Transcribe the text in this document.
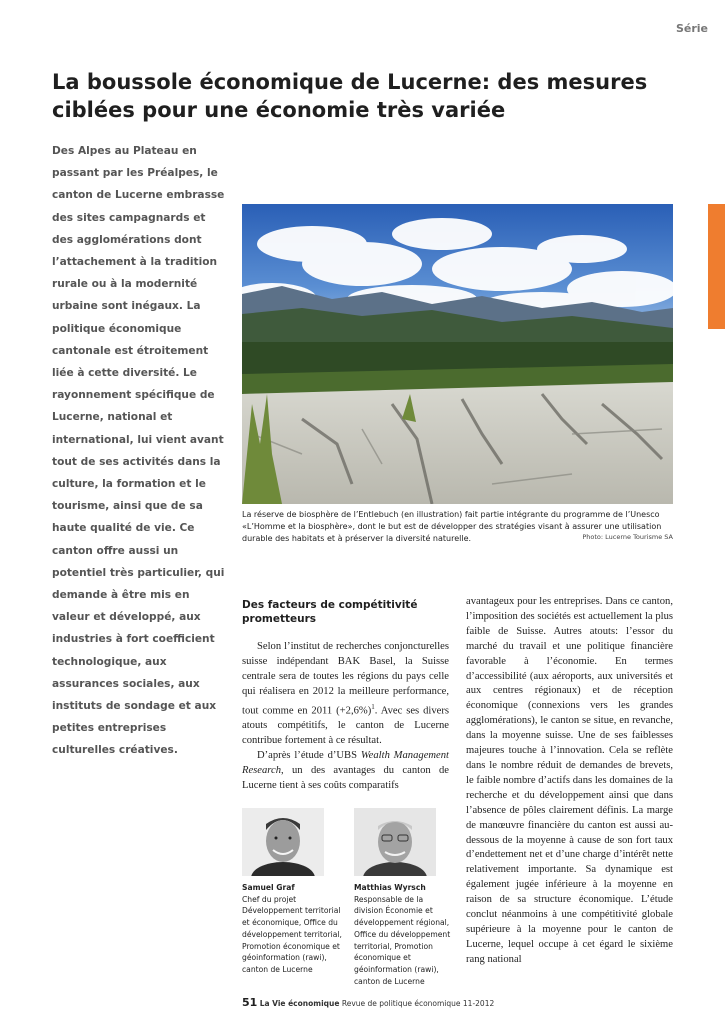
Série
La boussole économique de Lucerne: des mesures ciblées pour une économie très variée

Des Alpes au Plateau en passant par les Préalpes, le canton de Lucerne embrasse des sites campagnards et des agglomérations dont l’attachement à la tradition rurale ou à la modernité urbaine sont inégaux. La politique économique cantonale est étroitement liée à cette diversité. Le rayonnement spécifique de Lucerne, national et international, lui vient avant tout de ses activités dans la culture, la formation et le tourisme, ainsi que de sa haute qualité de vie. Ce canton offre aussi un potentiel très particulier, qui demande à être mis en valeur et développé, aux industries à fort coefficient technologique, aux assurances sociales, aux instituts de sondage et aux petites entreprises culturelles créatives.

La réserve de biosphère de l’Entlebuch (en illustration) fait partie intégrante du programme de l’Unesco «L’Homme et la biosphère», dont le but est de développer des stratégies visant à assurer une utilisation durable des habitats et à préserver la diversité naturelle.	Photo: Lucerne Tourisme SA
Des facteurs de compétitivité prometteurs

Selon l’institut de recherches conjoncturelles suisse indépendant BAK Basel, la Suisse centrale sera de toutes les régions du pays celle qui réalisera en 2012 la meilleure performance, tout comme en 2011 $(+2,6\%)^1$. Avec ses divers atouts compétitifs, le canton de Lucerne contribue fortement à ce résultat.

D’après l’étude d’UBS Wealth Management Research, un des avantages du canton de Lucerne tient à ses coûts comparatifs

avantageux pour les entreprises. Dans ce canton, l’imposition des sociétés est actuellement la plus faible de Suisse. Autres atouts: l’essor du marché du travail et une politique financière favorable à l’économie. En termes d’accessibilité (aux aéroports, aux universités et aux centres régionaux) et de réception économique (connexions vers les grandes agglomérations), le canton se situe, en revanche, dans la moyenne suisse. Une de ses faiblesses majeures touche à l’innovation. Cela se reflète dans le nombre réduit de demandes de brevets, le faible nombre d’actifs dans les domaines de la recherche et du développement ainsi que dans l’absence de pôles clairement définis. La marge de manœuvre financière du canton est aussi au-dessous de la moyenne à cause de son fort taux d’endettement net et d’une charge d’intérêt nette relativement importante. Sa dynamique est également jugée inférieure à la moyenne en raison de sa structure économique. L’étude conclut néanmoins à une compétitivité globale supérieure à la moyenne pour le canton de Lucerne, lequel occupe à cet égard le sixième rang national

Samuel Graf
Chef du projet Développement territorial et économique, Office du développement territorial, Promotion économique et géoinformation (rawi), canton de Lucerne
Matthias Wyrsch
Responsable de la division Économie et développement régional, Office du développement territorial, Promotion économique et géoinformation (rawi), canton de Lucerne
51 La Vie économique Revue de politique économique 11-2012
